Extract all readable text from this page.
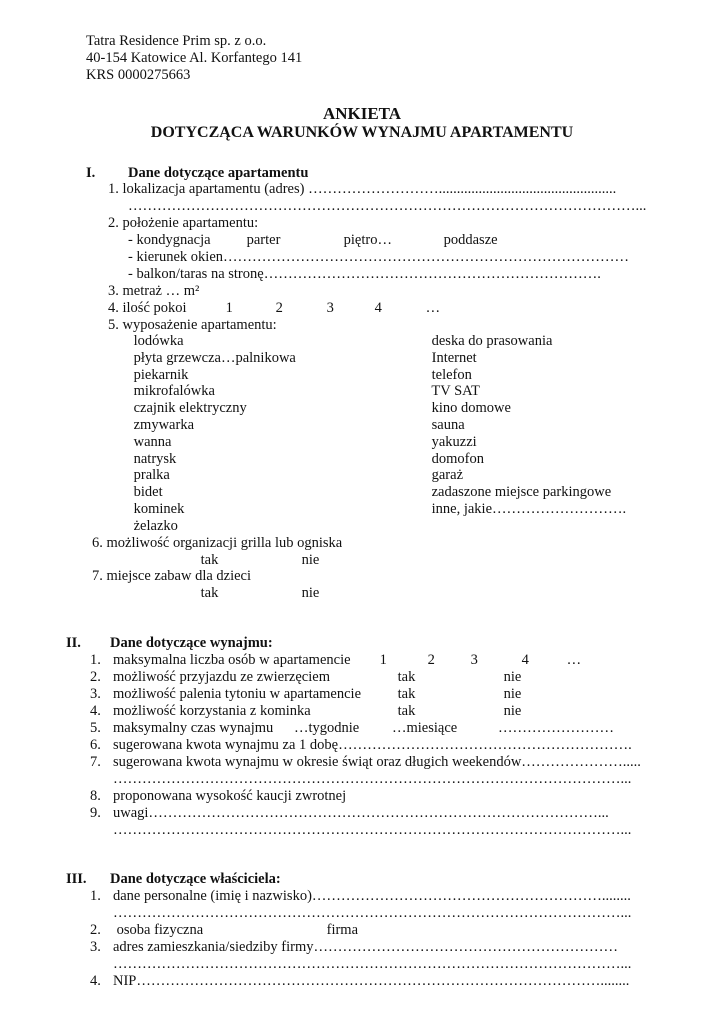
Tatra Residence Prim sp. z o.o.
40-154 Katowice Al. Korfantego 141
KRS 0000275663
ANKIETA
DOTYCZĄCA WARUNKÓW WYNAJMU APARTAMENTU
I. Dane dotyczące apartamentu
1. lokalizacja apartamentu (adres) ……………………….................................................
……………………………………………………………………………………………...
2. położenie apartamentu:
- kondygnacja parter	piętro…	poddasze
- kierunek okien…………………………………………………………………………
- balkon/taras na stronę…………………………………………………………….
3. metraż … m²
4. ilość pokoi	1	2	3	4	…
5. wyposażenie apartamentu:
lodówka
płyta grzewcza…palnikowa
piekarnik
mikrofalówka
czajnik elektryczny
zmywarka
wanna
natrysk
pralka
bidet
kominek
żelazko
deska do prasowania
Internet
telefon
TV SAT
kino domowe
sauna
yakuzzi
domofon
garaż
zadaszone miejsce parkingowe
inne, jakie……………………….
6. możliwość organizacji grilla lub ogniska
tak	nie
7. miejsce zabaw dla dzieci
tak	nie
II. Dane dotyczące wynajmu:
1. maksymalna liczba osób w apartamencie 1	2 3	4	…
2. możliwość przyjazdu ze zwierzęciem	tak	nie
3. możliwość palenia tytoniu w apartamencie	tak	nie
4. możliwość korzystania z kominka	tak	nie
5. maksymalny czas wynajmu …tygodnie …miesiące	……………………
6. sugerowana kwota wynajmu za 1 dobę…………………………………………………….
7. sugerowana kwota wynajmu w okresie świąt oraz długich weekendów………………….....
……………………………………………………………………………………………...
8. proponowana wysokość kaucji zwrotnej
9. uwagi…………………………………………………………………………………...
……………………………………………………………………………………………...
III. Dane dotyczące właściciela:
1. dane personalne (imię i nazwisko)……………………………………………………........
……………………………………………………………………………………………...
2. osoba fizyczna	firma
3. adres zamieszkania/siedziby firmy………………………………………………………
……………………………………………………………………………………………...
4. NIP……………………………………………………………………………………........
